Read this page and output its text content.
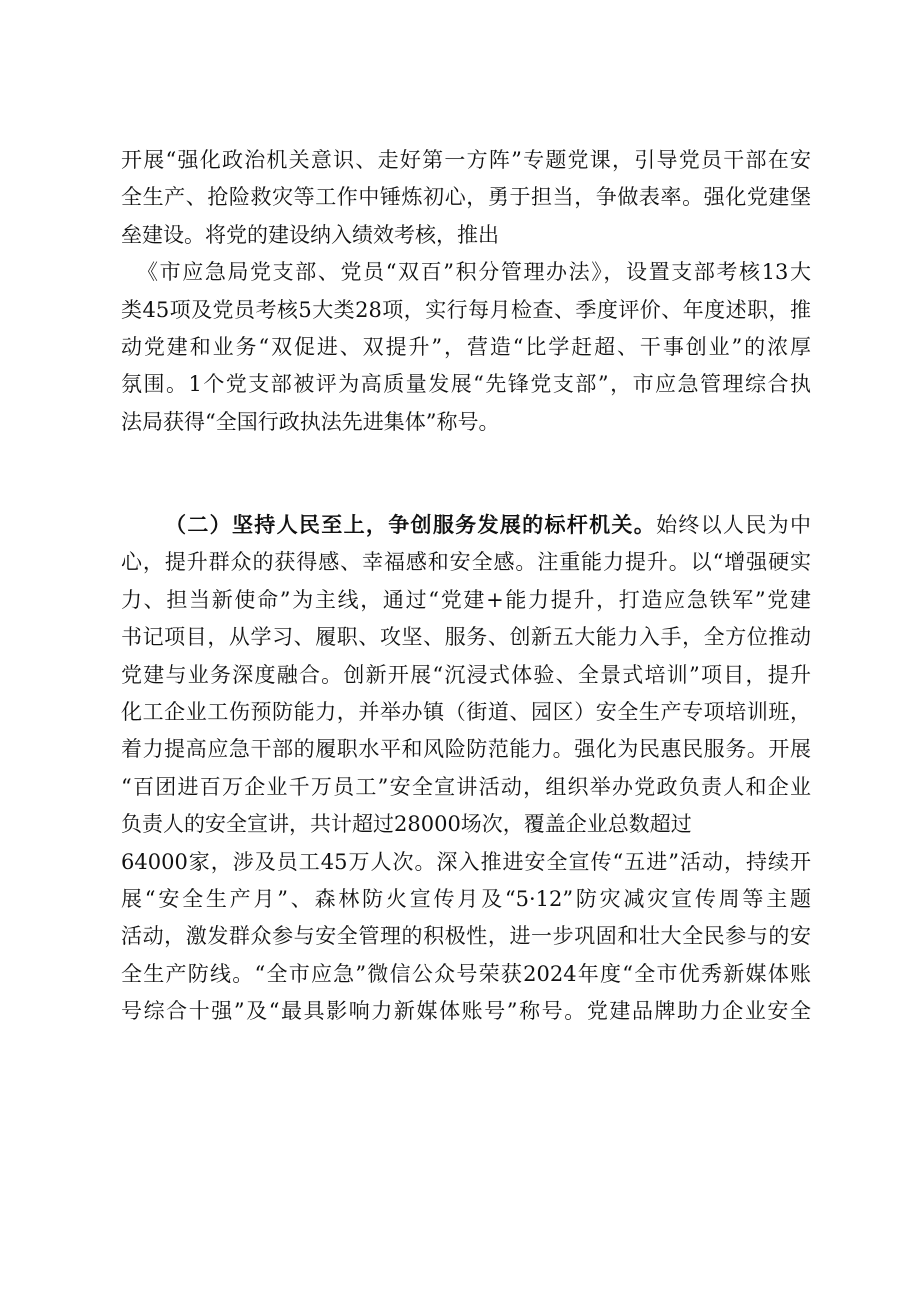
开展“强化政治机关意识、走好第一方阵”专题党课，引导党员干部在安
全生产、抢险救灾等工作中锤炼初心，勇于担当，争做表率。强化党建堡
垒建设。将党的建设纳入绩效考核，推出
《市应急局党支部、党员“双百”积分管理办法》，设置支部考核13大
类45项及党员考核5大类28项，实行每月检查、季度评价、年度述职，推
动党建和业务“双促进、双提升”，营造“比学赶超、干事创业”的浓厚
氛围。1个党支部被评为高质量发展“先锋党支部”，市应急管理综合执
法局获得“全国行政执法先进集体”称号。
（二）坚持人民至上，争创服务发展的标杆机关。始终以人民为中
心，提升群众的获得感、幸福感和安全感。注重能力提升。以“增强硬实
力、担当新使命”为主线，通过“党建+能力提升，打造应急铁军”党建
书记项目，从学习、履职、攻坚、服务、创新五大能力入手，全方位推动
党建与业务深度融合。创新开展“沉浸式体验、全景式培训”项目，提升
化工企业工伤预防能力，并举办镇（街道、园区）安全生产专项培训班，
着力提高应急干部的履职水平和风险防范能力。强化为民惠民服务。开展
“百团进百万企业千万员工”安全宣讲活动，组织举办党政负责人和企业
负责人的安全宣讲，共计超过28000场次，覆盖企业总数超过
64000家，涉及员工45万人次。深入推进安全宣传“五进”活动，持续开
展“安全生产月”、森林防火宣传月及“5·12”防灾减灾宣传周等主题
活动，激发群众参与安全管理的积极性，进一步巩固和壮大全民参与的安
全生产防线。“全市应急”微信公众号荣获2024年度“全市优秀新媒体账
号综合十强”及“最具影响力新媒体账号”称号。党建品牌助力企业安全
